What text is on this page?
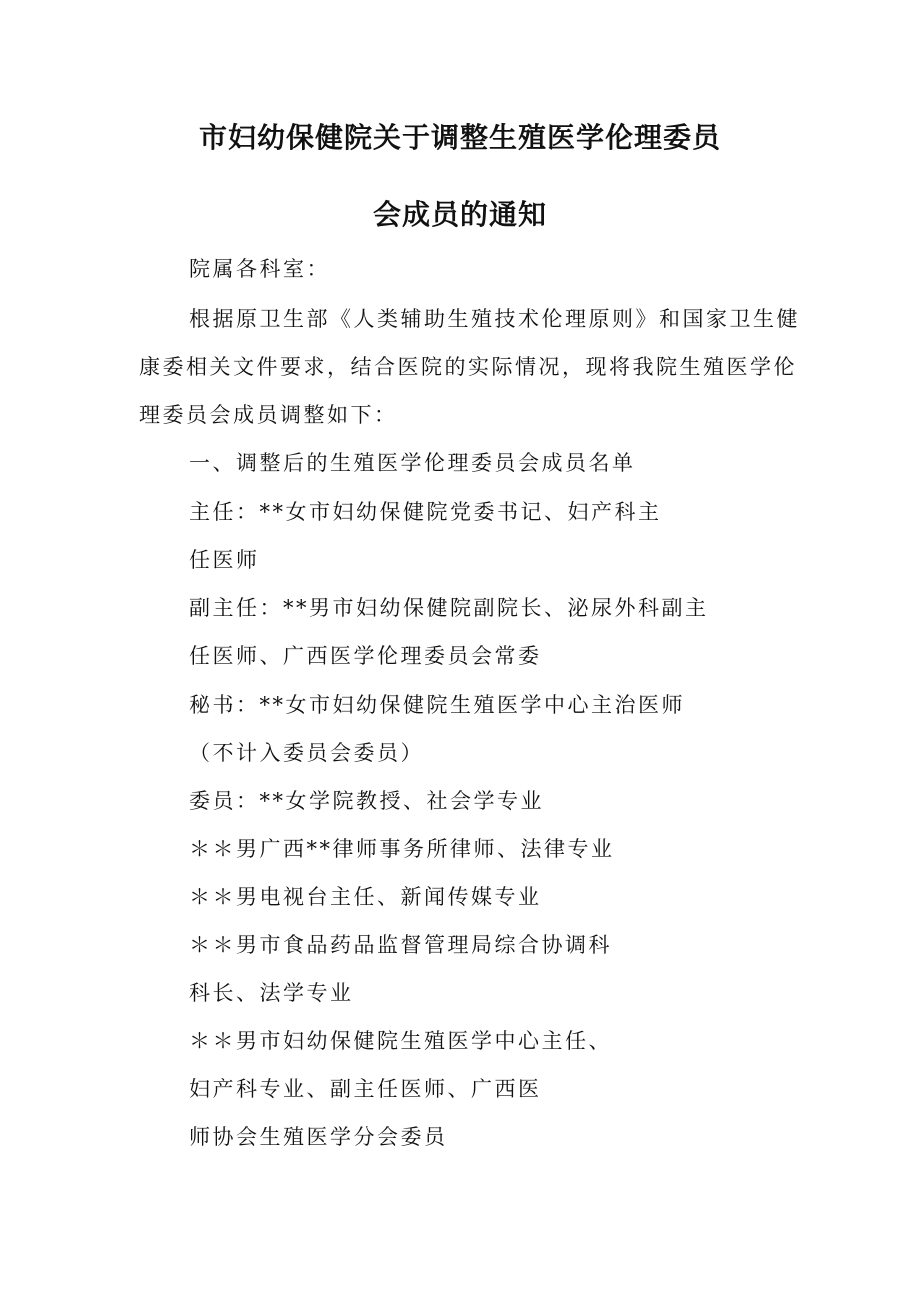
市妇幼保健院关于调整生殖医学伦理委员
会成员的通知
院属各科室：
根据原卫生部《人类辅助生殖技术伦理原则》和国家卫生健
康委相关文件要求，结合医院的实际情况，现将我院生殖医学伦
理委员会成员调整如下：
一、调整后的生殖医学伦理委员会成员名单
主任：**女市妇幼保健院党委书记、妇产科主
任医师
副主任：**男市妇幼保健院副院长、泌尿外科副主
任医师、广西医学伦理委员会常委
秘书：**女市妇幼保健院生殖医学中心主治医师
（不计入委员会委员）
委员：**女学院教授、社会学专业
＊＊男广西**律师事务所律师、法律专业
＊＊男电视台主任、新闻传媒专业
＊＊男市食品药品监督管理局综合协调科
科长、法学专业
＊＊男市妇幼保健院生殖医学中心主任、
妇产科专业、副主任医师、广西医
师协会生殖医学分会委员
